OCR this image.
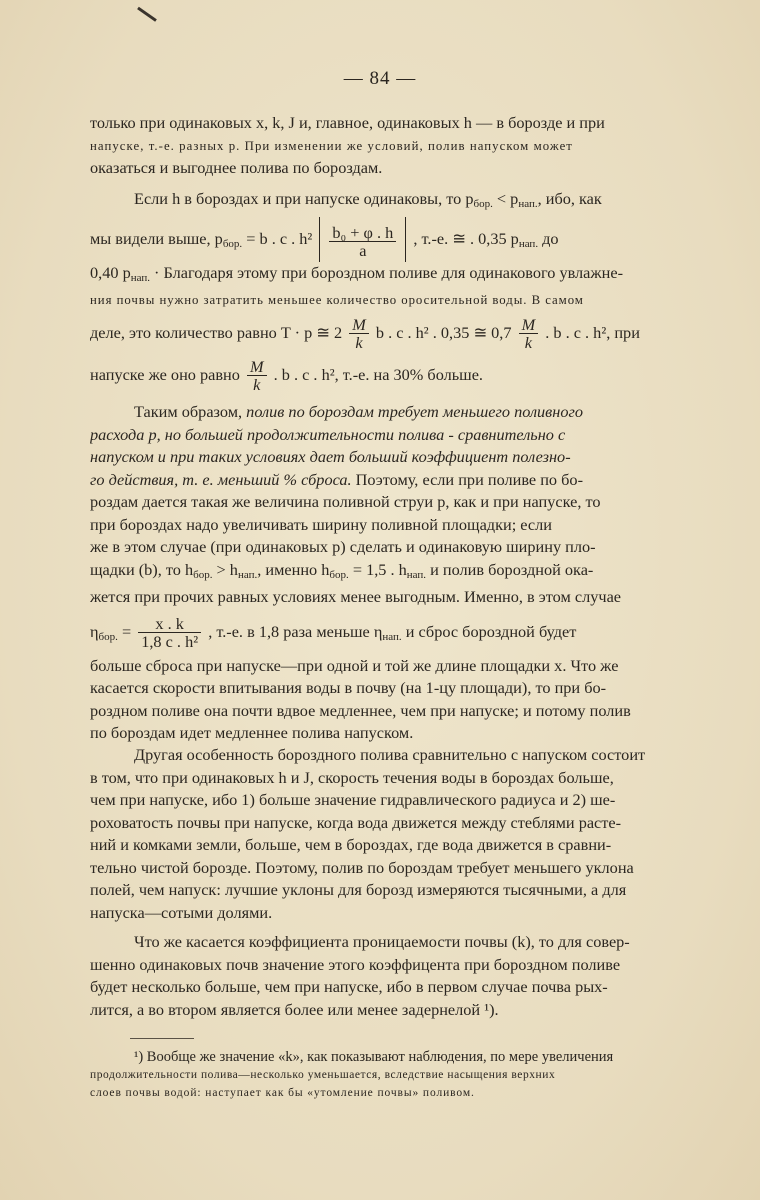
— 84 —
только при одинаковых x, k, J и, главное, одинаковых h — в борозде и при
напуске, т.-е. разных p. При изменении же условий, полив напуском может
оказаться и выгоднее полива по бороздам.
Если h в бороздах и при напуске одинаковы, то $p_{бор.} < p_{нап.}$, ибо, как
мы видели выше, $p_{бор.} = b$ . c . $h^2 \frac{\text{b₀ + φ . h}}{a}$ , т.-е. ≅ . 0,35 $p_{нап.}$ до
0,40 $p_{нап.}$ · Благодаря этому при бороздном поливе для одинакового увлажне-
ния почвы нужно затратить меньшее количество оросительной воды. В самом
деле, это количество равно T · p ≅ $2 \frac{M}{k}$ b . c . h² . 0,35 ≅ $0,7 \frac{M}{k}$ . b . c . h², при
напуске же оно равно $\frac{M}{k}$ . b . c . h², т.-е. на 30% больше.
Таким образом, полив по бороздам требует меньшего поливного
расхода p, но большей продолжительности полива - сравнительно с
напуском и при таких условиях дает больший коэффициент полезно-
го действия, т. е. меньший % сброса. Поэтому, если при поливе по бо-
роздам дается такая же величина поливной струи p, как и при напуске, то
при бороздах надо увеличивать ширину поливной площадки; если
же в этом случае (при одинаковых p) сделать и одинаковую ширину пло-
щадки (b), то $h_{бор.} > h_{нап.}$, именно $h_{бор.} = 1,5$ . $h_{нап.}$ и полив бороздной ока-
жется при прочих равных условиях менее выгодным. Именно, в этом случае
$\eta_{бор.} = \frac{x . k}{\text{1,8 c . h²}}$ , т.-е. в 1,8 раза меньше $\eta_{нап.}$ и сброс бороздной будет
больше сброса при напуске—при одной и той же длине площадки x. Что же
касается скорости впитывания воды в почву (на 1-цу площади), то при бо-
роздном поливе она почти вдвое медленнее, чем при напуске; и потому полив
по бороздам идет медленнее полива напуском.
Другая особенность бороздного полива сравнительно с напуском состоит
в том, что при одинаковых h и J, скорость течения воды в бороздах больше,
чем при напуске, ибо 1) больше значение гидравлического радиуса и 2) ше-
роховатость почвы при напуске, когда вода движется между стеблями расте-
ний и комками земли, больше, чем в бороздах, где вода движется в сравни-
тельно чистой борозде. Поэтому, полив по бороздам требует меньшего уклона
полей, чем напуск: лучшие уклоны для борозд измеряются тысячными, а для
напуска—сотыми долями.
Что же касается коэффициента проницаемости почвы (k), то для совер-
шенно одинаковых почв значение этого коэффицента при бороздном поливе
будет несколько больше, чем при напуске, ибо в первом случае почва рых-
лится, а во втором является более или менее задернелой ¹).
¹) Вообще же значение «k», как показывают наблюдения, по мере увеличения
продолжительности полива—несколько уменьшается, вследствие насыщения верхних
слоев почвы водой: наступает как бы «утомление почвы» поливом.
